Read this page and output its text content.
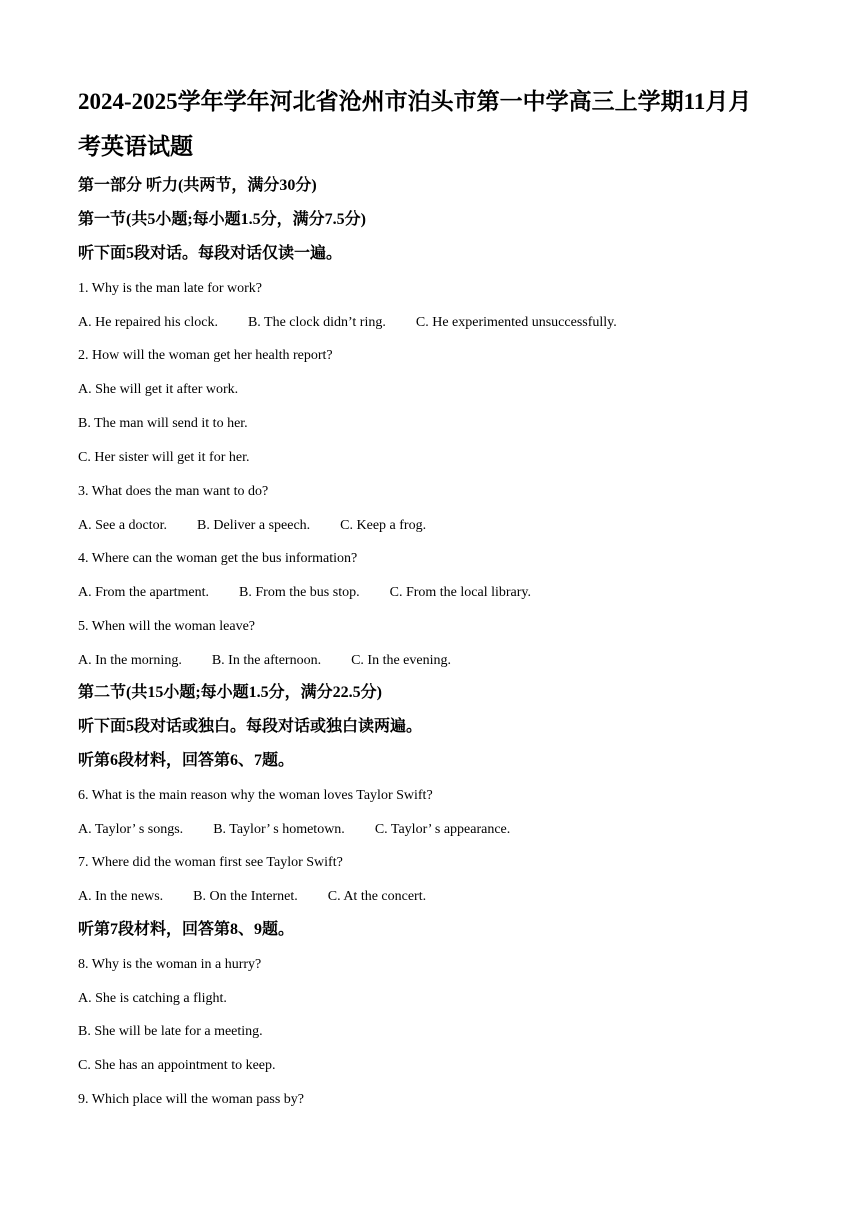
2024-2025学年学年河北省沧州市泊头市第一中学高三上学期11月月
考英语试题

第一部分 听力(共两节，满分30分)

第一节(共5小题;每小题1.5分，满分7.5分)

听下面5段对话。每段对话仅读一遍。

1. Why is the man late for work?

A. He repaired his clock. B. The clock didn’t ring. C. He experimented unsuccessfully.

2. How will the woman get her health report?

A. She will get it after work.

B. The man will send it to her.

C. Her sister will get it for her.

3. What does the man want to do?

A. See a doctor. B. Deliver a speech. C. Keep a frog.

4. Where can the woman get the bus information?

A. From the apartment. B. From the bus stop. C. From the local library.

5. When will the woman leave?

A. In the morning. B. In the afternoon. C. In the evening.

第二节(共15小题;每小题1.5分，满分22.5分)

听下面5段对话或独白。每段对话或独白读两遍。

听第6段材料，回答第6、7题。

6. What is the main reason why the woman loves Taylor Swift?

A. Taylor’ s songs. B. Taylor’ s hometown. C. Taylor’ s appearance.

7. Where did the woman first see Taylor Swift?

A. In the news. B. On the Internet. C. At the concert.

听第7段材料，回答第8、9题。

8. Why is the woman in a hurry?

A. She is catching a flight.

B. She will be late for a meeting.

C. She has an appointment to keep.

9. Which place will the woman pass by?
